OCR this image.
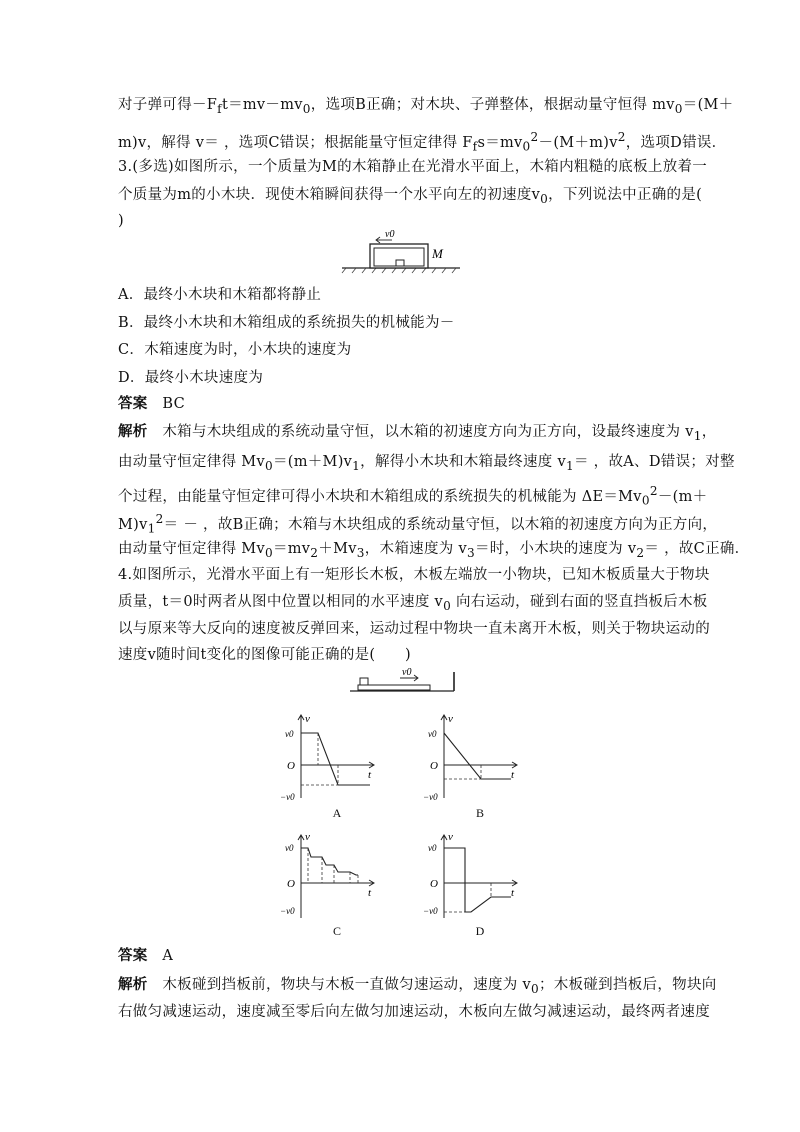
对子弹可得$-F_ft=mv-mv_0$，选项B正确；对木块、子弹整体，根据动量守恒得 $mv_0=(M+$
m)v，解得 v＝ ，选项C错误；根据能量守恒定律得 $F_fs=mv_0^2-(M+m)v^2$，选项D错误．
3.(多选)如图所示，一个质量为M的木箱静止在光滑水平面上，木箱内粗糙的底板上放着一
个质量为m的小木块．现使木箱瞬间获得一个水平向左的初速度$v_0$，下列说法中正确的是(
)
v0
M
A．最终小木块和木箱都将静止
B．最终小木块和木箱组成的系统损失的机械能为－
C．木箱速度为时，小木块的速度为
D．最终小木块速度为
答案 BC
解析 木箱与木块组成的系统动量守恒，以木箱的初速度方向为正方向，设最终速度为 $v_1$，
由动量守恒定律得 $Mv_0=(m+M)v_1$，解得小木块和木箱最终速度 $v_1=$ ，故A、D错误；对整
个过程，由能量守恒定律可得小木块和木箱组成的系统损失的机械能为 $\Delta E=Mv_0^2-(m+$
$M)v_1^2=$ － ，故B正确；木箱与木块组成的系统动量守恒，以木箱的初速度方向为正方向，
由动量守恒定律得 $Mv_0=mv_2+Mv_3$，木箱速度为 $v_3=$时，小木块的速度为 $v_2=$ ，故C正确．
4.如图所示，光滑水平面上有一矩形长木板，木板左端放一小物块，已知木板质量大于物块
质量，t＝0时两者从图中位置以相同的水平速度 $v_0$ 向右运动，碰到右面的竖直挡板后木板
以与原来等大反向的速度被反弹回来，运动过程中物块一直未离开木板，则关于物块运动的
速度v随时间t变化的图像可能正确的是(　　)
v0
v
t
O
v0
−v0
A
v
t
O
v0
−v0
B
v
t
O
v0
−v0
C
v
t
O
v0
−v0
D
答案 A
解析 木板碰到挡板前，物块与木板一直做匀速运动，速度为 $v_0$；木板碰到挡板后，物块向
右做匀减速运动，速度减至零后向左做匀加速运动，木板向左做匀减速运动，最终两者速度
